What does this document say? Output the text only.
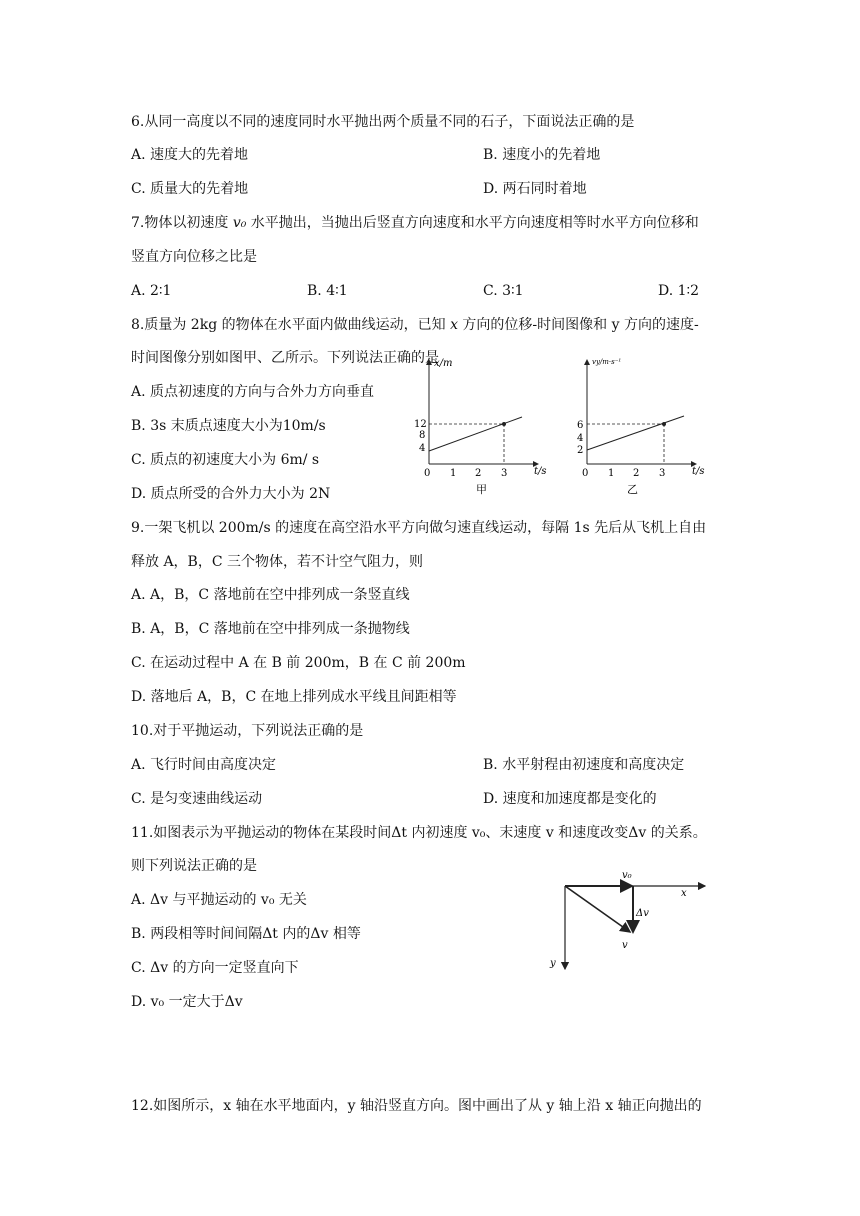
6.从同一高度以不同的速度同时水平抛出两个质量不同的石子，下面说法正确的是
A. 速度大的先着地	B. 速度小的先着地
C. 质量大的先着地	D. 两石同时着地
7.物体以初速度 v₀ 水平抛出，当抛出后竖直方向速度和水平方向速度相等时水平方向位移和
竖直方向位移之比是
A. 2∶1	B. 4∶1	C. 3∶1	D. 1∶2
8.质量为 2kg 的物体在水平面内做曲线运动，已知 x 方向的位移-时间图像和 y 方向的速度-
时间图像分别如图甲、乙所示。下列说法正确的是
A. 质点初速度的方向与合外力方向垂直
B. 3s 末质点速度大小为10m/s
C. 质点的初速度大小为 6m/ s
D. 质点所受的合外力大小为 2N
x/m
t/s
12
8
4
0 1 2 3
甲
vy/m·s⁻¹
t/s
6
4
2
0 1 2 3
乙
9.一架飞机以 200m/s 的速度在高空沿水平方向做匀速直线运动，每隔 1s 先后从飞机上自由
释放 A，B，C 三个物体，若不计空气阻力，则
A. A，B，C 落地前在空中排列成一条竖直线
B. A，B，C 落地前在空中排列成一条抛物线
C. 在运动过程中 A 在 B 前 200m，B 在 C 前 200m
D. 落地后 A，B，C 在地上排列成水平线且间距相等
10.对于平抛运动，下列说法正确的是
A. 飞行时间由高度决定	B. 水平射程由初速度和高度决定
C. 是匀变速曲线运动	D. 速度和加速度都是变化的
11.如图表示为平抛运动的物体在某段时间Δt 内初速度 v₀、末速度 v 和速度改变Δv 的关系。
则下列说法正确的是
A. Δv 与平抛运动的 v₀ 无关
B. 两段相等时间间隔Δt 内的Δv 相等
C. Δv 的方向一定竖直向下
D. v₀ 一定大于Δv
v₀
x
Δv
v
y
12.如图所示，x 轴在水平地面内，y 轴沿竖直方向。图中画出了从 y 轴上沿 x 轴正向抛出的
